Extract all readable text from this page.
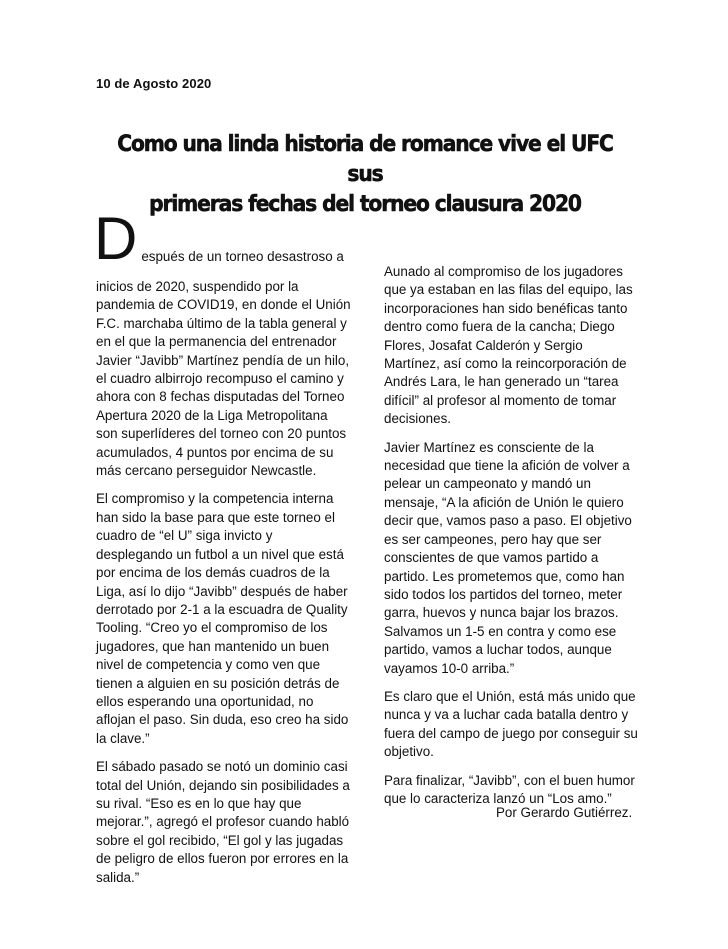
10 de Agosto 2020
Como una linda historia de romance vive el UFC sus
primeras fechas del torneo clausura 2020
D espués de un torneo desastroso a

inicios de 2020, suspendido por la pandemia de COVID19, en donde el Unión F.C. marchaba último de la tabla general y en el que la permanencia del entrenador Javier “Javibb” Martínez pendía de un hilo, el cuadro albirrojo recompuso el camino y ahora con 8 fechas disputadas del Torneo Apertura 2020 de la Liga Metropolitana son superlíderes del torneo con 20 puntos acumulados, 4 puntos por encima de su más cercano perseguidor Newcastle.

El compromiso y la competencia interna han sido la base para que este torneo el cuadro de “el U” siga invicto y desplegando un futbol a un nivel que está por encima de los demás cuadros de la Liga, así lo dijo “Javibb” después de haber derrotado por 2-1 a la escuadra de Quality Tooling. “Creo yo el compromiso de los jugadores, que han mantenido un buen nivel de competencia y como ven que tienen a alguien en su posición detrás de ellos esperando una oportunidad, no aflojan el paso. Sin duda, eso creo ha sido la clave.”

El sábado pasado se notó un dominio casi total del Unión, dejando sin posibilidades a su rival. “Eso es en lo que hay que mejorar.”, agregó el profesor cuando habló sobre el gol recibido, “El gol y las jugadas de peligro de ellos fueron por errores en la salida.”

Aunado al compromiso de los jugadores que ya estaban en las filas del equipo, las incorporaciones han sido benéficas tanto dentro como fuera de la cancha; Diego Flores, Josafat Calderón y Sergio Martínez, así como la reincorporación de Andrés Lara, le han generado un “tarea difícil” al profesor al momento de tomar decisiones.

Javier Martínez es consciente de la necesidad que tiene la afición de volver a pelear un campeonato y mandó un mensaje, “A la afición de Unión le quiero decir que, vamos paso a paso. El objetivo es ser campeones, pero hay que ser conscientes de que vamos partido a partido. Les prometemos que, como han sido todos los partidos del torneo, meter garra, huevos y nunca bajar los brazos. Salvamos un 1-5 en contra y como ese partido, vamos a luchar todos, aunque vayamos 10-0 arriba.”

Es claro que el Unión, está más unido que nunca y va a luchar cada batalla dentro y fuera del campo de juego por conseguir su objetivo.

Para finalizar, “Javibb”, con el buen humor que lo caracteriza lanzó un “Los amo.”

Por Gerardo Gutiérrez.
